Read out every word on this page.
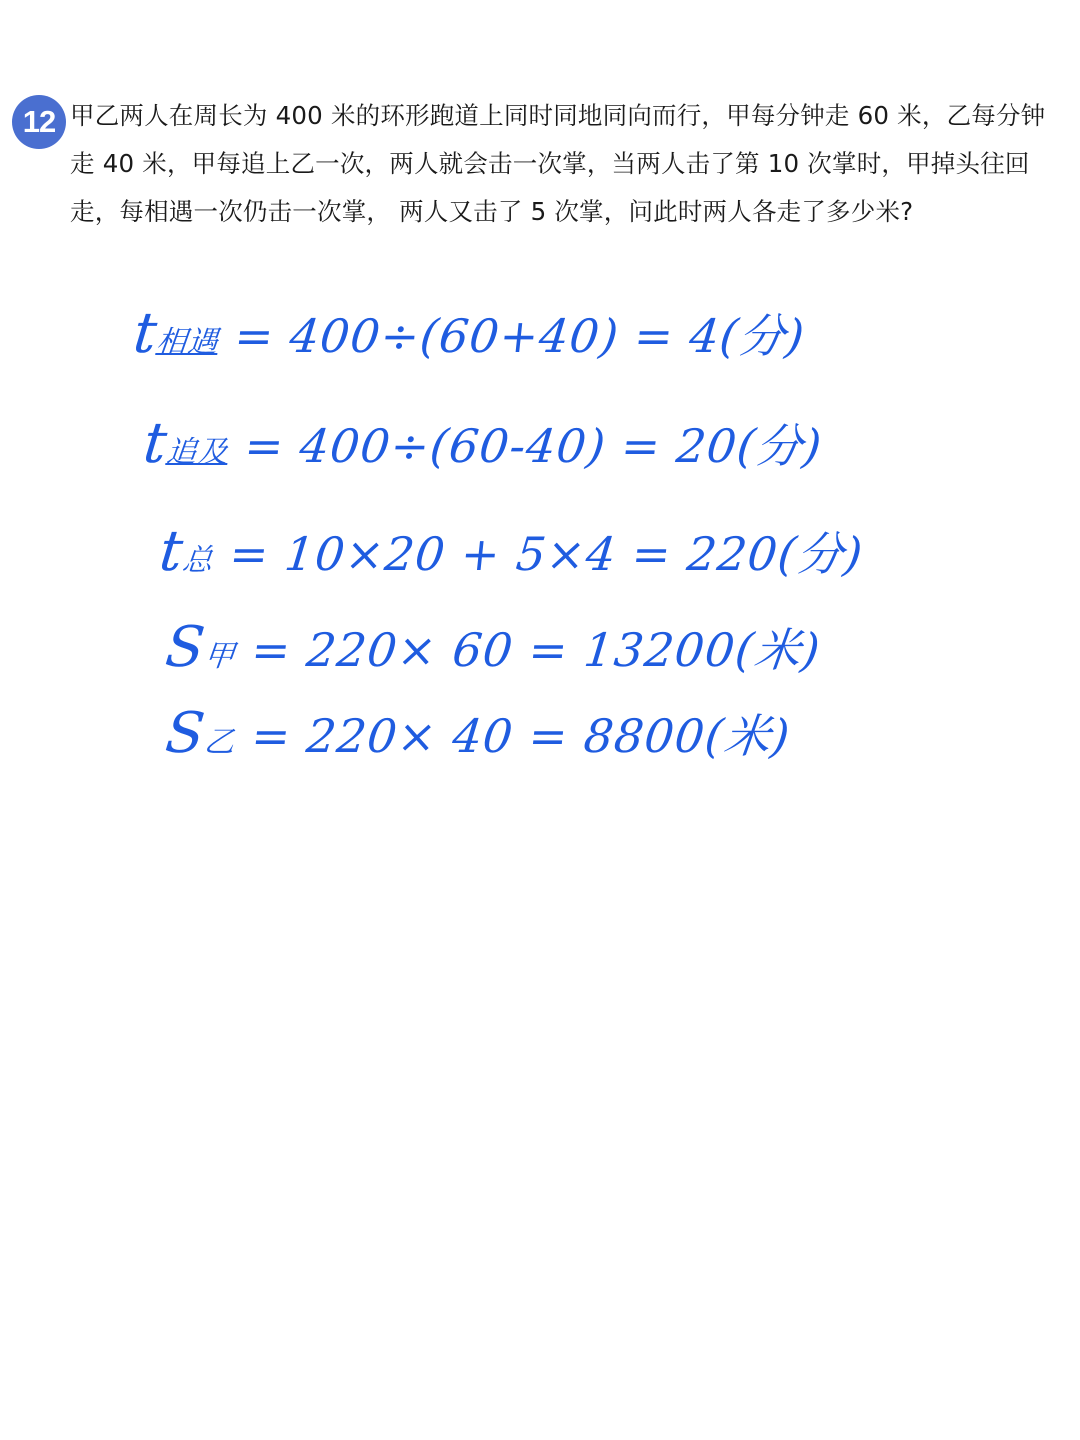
12 甲乙两人在周长为 400 米的环形跑道上同时同地同向而行，甲每分钟走 60 米，乙每分钟走 40 米，甲每追上乙一次，两人就会击一次掌，当两人击了第 10 次掌时，甲掉头往回走，每相遇一次仍击一次掌， 两人又击了 5 次掌，问此时两人各走了多少米?

t相遇 = 400÷(60+40) = 4(分)
t追及 = 400÷(60-40) = 20(分)
t总 = 10×20 + 5×4 = 220(分)
S甲 = 220× 60 = 13200(米)
S乙 = 220× 40 = 8800(米)
